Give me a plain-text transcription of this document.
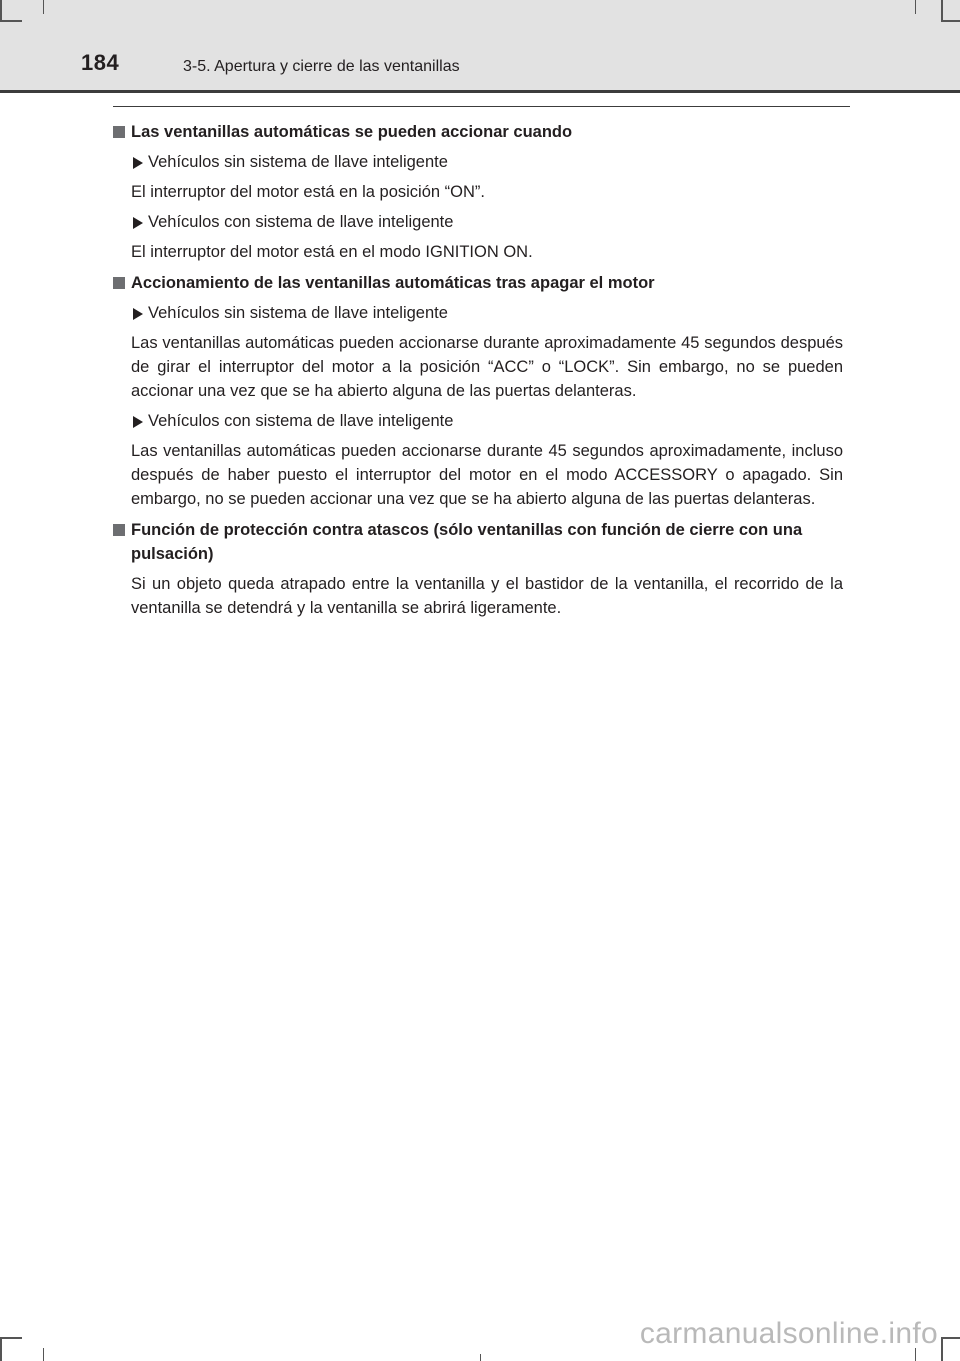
184	3-5. Apertura y cierre de las ventanillas
Las ventanillas automáticas se pueden accionar cuando
Vehículos sin sistema de llave inteligente

El interruptor del motor está en la posición “ON”.

Vehículos con sistema de llave inteligente

El interruptor del motor está en el modo IGNITION ON.

Accionamiento de las ventanillas automáticas tras apagar el motor
Vehículos sin sistema de llave inteligente

Las ventanillas automáticas pueden accionarse durante aproximadamente 45 segundos después de girar el interruptor del motor a la posición “ACC” o “LOCK”. Sin embargo, no se pueden accionar una vez que se ha abierto alguna de las puertas delanteras.

Vehículos con sistema de llave inteligente

Las ventanillas automáticas pueden accionarse durante 45 segundos aproximadamente, incluso después de haber puesto el interruptor del motor en el modo ACCESSORY o apagado. Sin embargo, no se pueden accionar una vez que se ha abierto alguna de las puertas delanteras.

Función de protección contra atascos (sólo ventanillas con función de cierre con una pulsación)

Si un objeto queda atrapado entre la ventanilla y el bastidor de la ventanilla, el recorrido de la ventanilla se detendrá y la ventanilla se abrirá ligeramente.

carmanualsonline.info
